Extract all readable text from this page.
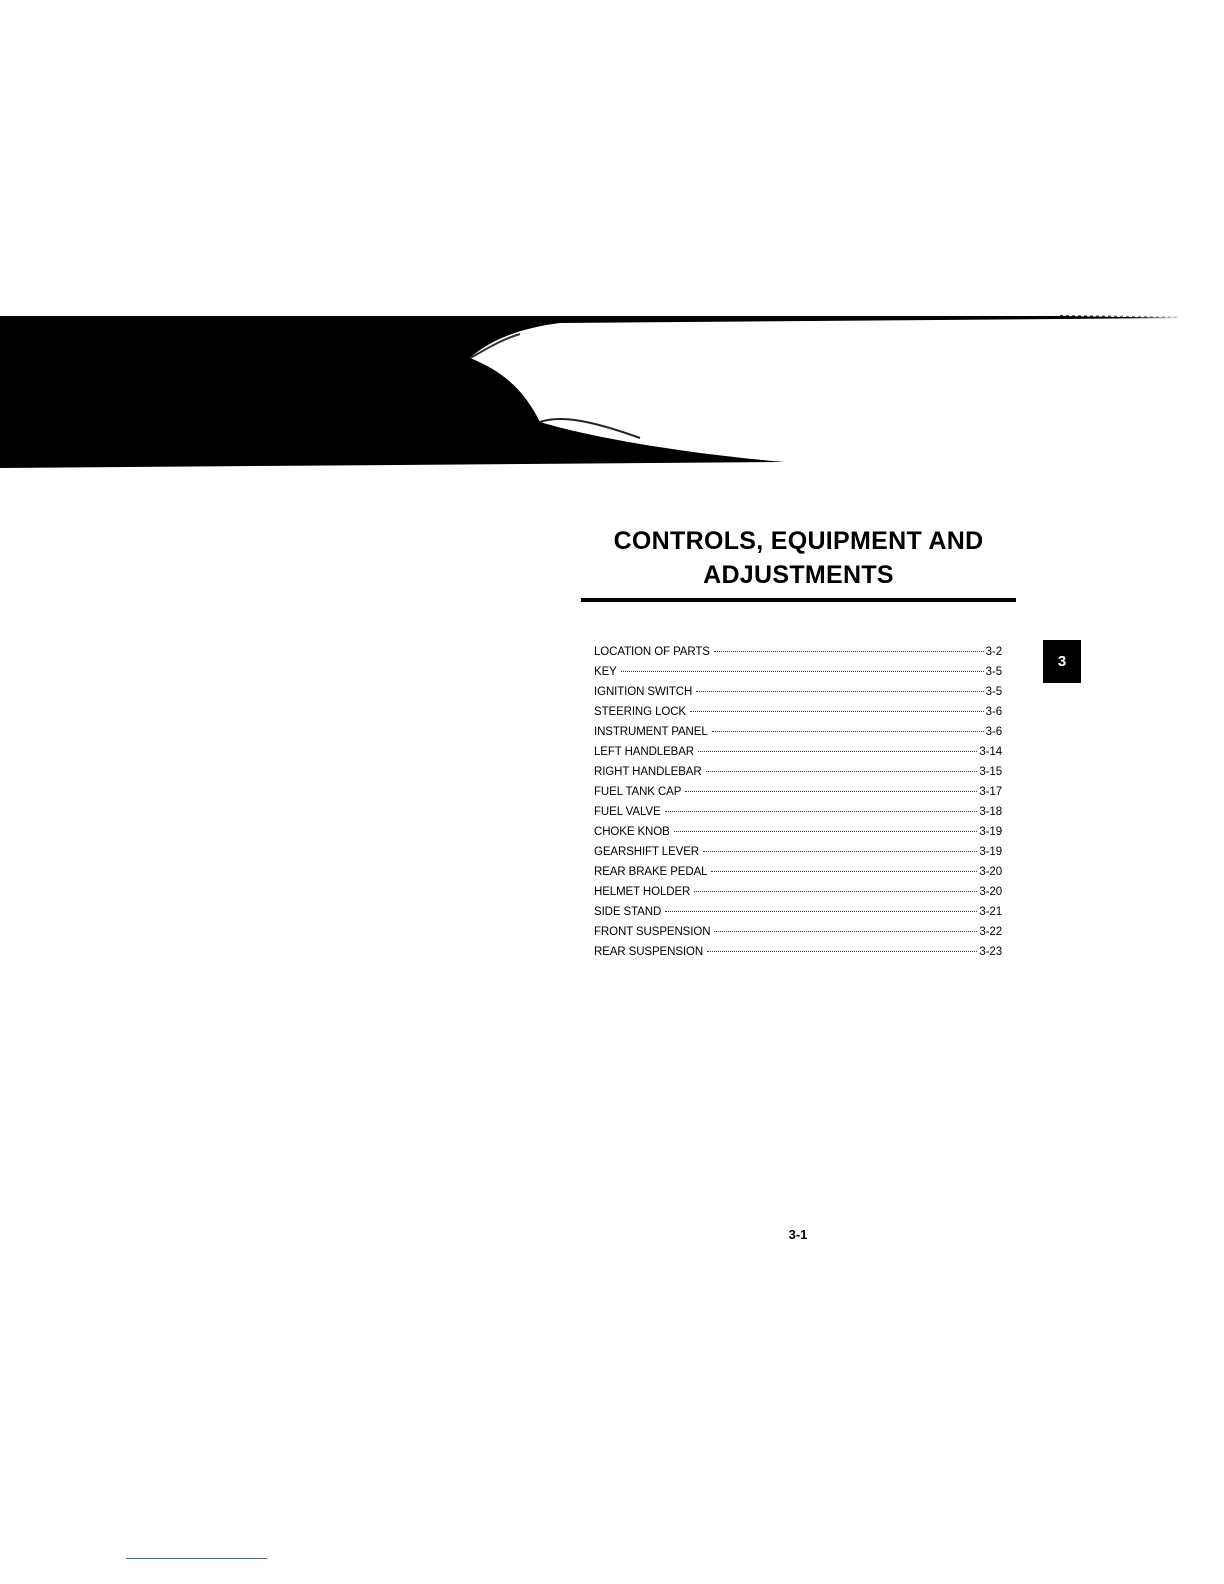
CONTROLS, EQUIPMENT AND
ADJUSTMENTS
3
LOCATION OF PARTS	3-2
KEY	3-5
IGNITION SWITCH	3-5
STEERING LOCK	3-6
INSTRUMENT PANEL	3-6
LEFT HANDLEBAR	3-14
RIGHT HANDLEBAR	3-15
FUEL TANK CAP	3-17
FUEL VALVE	3-18
CHOKE KNOB	3-19
GEARSHIFT LEVER	3-19
REAR BRAKE PEDAL	3-20
HELMET HOLDER	3-20
SIDE STAND	3-21
FRONT SUSPENSION	3-22
REAR SUSPENSION	3-23
3-1
